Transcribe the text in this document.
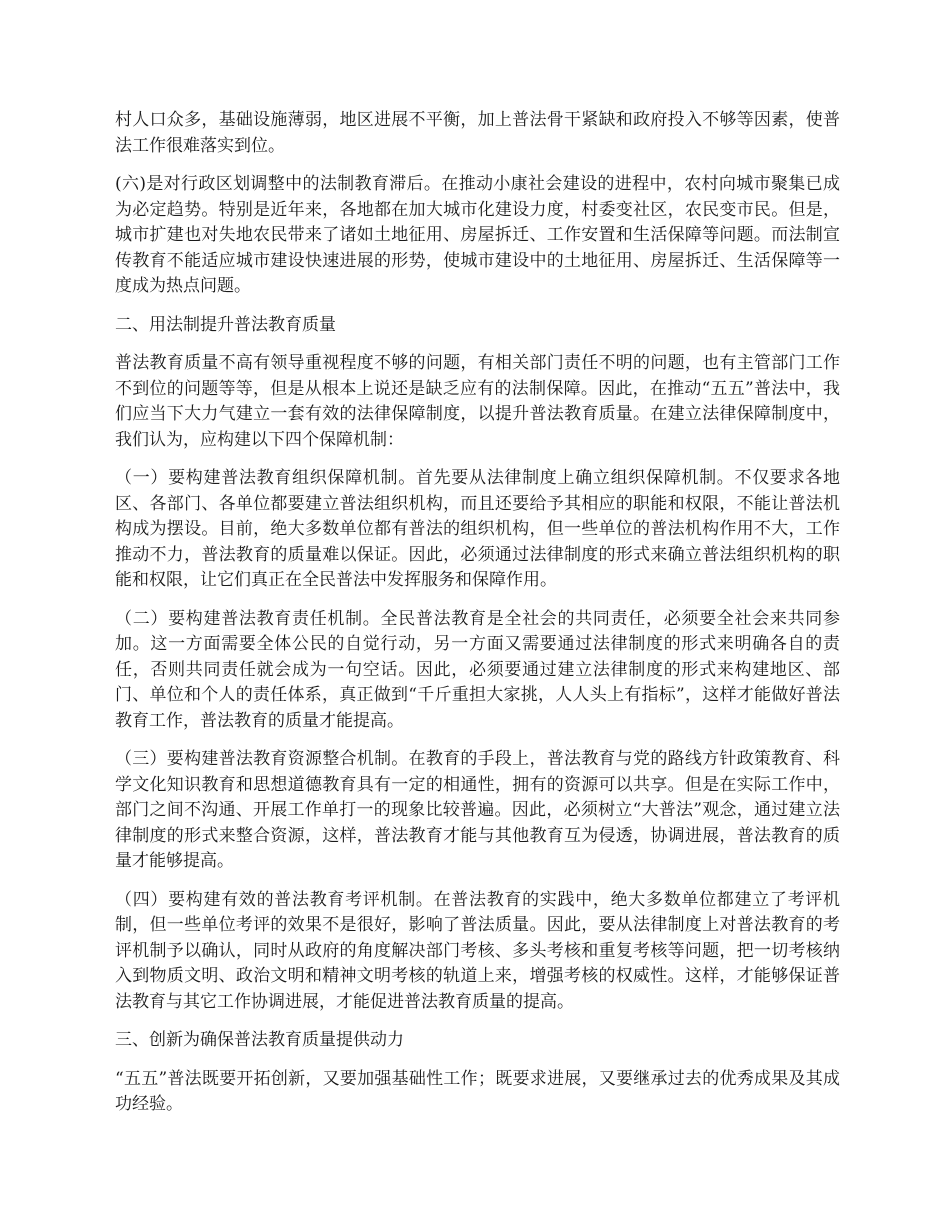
村人口众多，基础设施薄弱，地区进展不平衡，加上普法骨干紧缺和政府投入不够等因素，使普法工作很难落实到位。

(六)是对行政区划调整中的法制教育滞后。在推动小康社会建设的进程中，农村向城市聚集已成为必定趋势。特别是近年来，各地都在加大城市化建设力度，村委变社区，农民变市民。但是，城市扩建也对失地农民带来了诸如土地征用、房屋拆迁、工作安置和生活保障等问题。而法制宣传教育不能适应城市建设快速进展的形势，使城市建设中的土地征用、房屋拆迁、生活保障等一度成为热点问题。

二、用法制提升普法教育质量

普法教育质量不高有领导重视程度不够的问题，有相关部门责任不明的问题，也有主管部门工作不到位的问题等等，但是从根本上说还是缺乏应有的法制保障。因此，在推动“五五”普法中，我们应当下大力气建立一套有效的法律保障制度，以提升普法教育质量。在建立法律保障制度中，我们认为，应构建以下四个保障机制：

（一）要构建普法教育组织保障机制。首先要从法律制度上确立组织保障机制。不仅要求各地区、各部门、各单位都要建立普法组织机构，而且还要给予其相应的职能和权限，不能让普法机构成为摆设。目前，绝大多数单位都有普法的组织机构，但一些单位的普法机构作用不大，工作推动不力，普法教育的质量难以保证。因此，必须通过法律制度的形式来确立普法组织机构的职能和权限，让它们真正在全民普法中发挥服务和保障作用。

（二）要构建普法教育责任机制。全民普法教育是全社会的共同责任，必须要全社会来共同参加。这一方面需要全体公民的自觉行动，另一方面又需要通过法律制度的形式来明确各自的责任，否则共同责任就会成为一句空话。因此，必须要通过建立法律制度的形式来构建地区、部门、单位和个人的责任体系，真正做到“千斤重担大家挑，人人头上有指标”，这样才能做好普法教育工作，普法教育的质量才能提高。

（三）要构建普法教育资源整合机制。在教育的手段上，普法教育与党的路线方针政策教育、科学文化知识教育和思想道德教育具有一定的相通性，拥有的资源可以共享。但是在实际工作中，部门之间不沟通、开展工作单打一的现象比较普遍。因此，必须树立“大普法”观念，通过建立法律制度的形式来整合资源，这样，普法教育才能与其他教育互为侵透，协调进展，普法教育的质量才能够提高。

（四）要构建有效的普法教育考评机制。在普法教育的实践中，绝大多数单位都建立了考评机制，但一些单位考评的效果不是很好，影响了普法质量。因此，要从法律制度上对普法教育的考评机制予以确认，同时从政府的角度解决部门考核、多头考核和重复考核等问题，把一切考核纳入到物质文明、政治文明和精神文明考核的轨道上来，增强考核的权威性。这样，才能够保证普法教育与其它工作协调进展，才能促进普法教育质量的提高。

三、创新为确保普法教育质量提供动力

“五五”普法既要开拓创新，又要加强基础性工作；既要求进展，又要继承过去的优秀成果及其成功经验。
